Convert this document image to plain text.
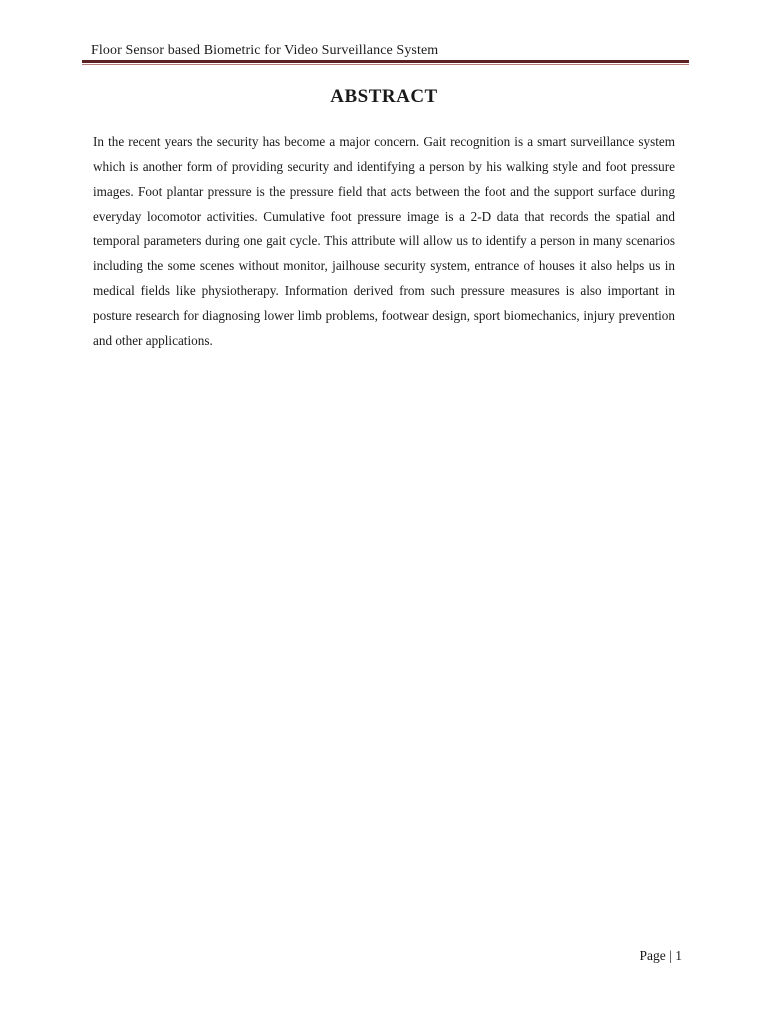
Floor Sensor based Biometric for Video Surveillance System
ABSTRACT

In the recent years the security has become a major concern. Gait recognition is a smart surveillance system which is another form of providing security and identifying a person by his walking style and foot pressure images. Foot plantar pressure is the pressure field that acts between the foot and the support surface during everyday locomotor activities. Cumulative foot pressure image is a 2-D data that records the spatial and temporal parameters during one gait cycle. This attribute will allow us to identify a person in many scenarios including the some scenes without monitor, jailhouse security system, entrance of houses it also helps us in medical fields like physiotherapy. Information derived from such pressure measures is also important in posture research for diagnosing lower limb problems, footwear design, sport biomechanics, injury prevention and other applications.

Page | 1
